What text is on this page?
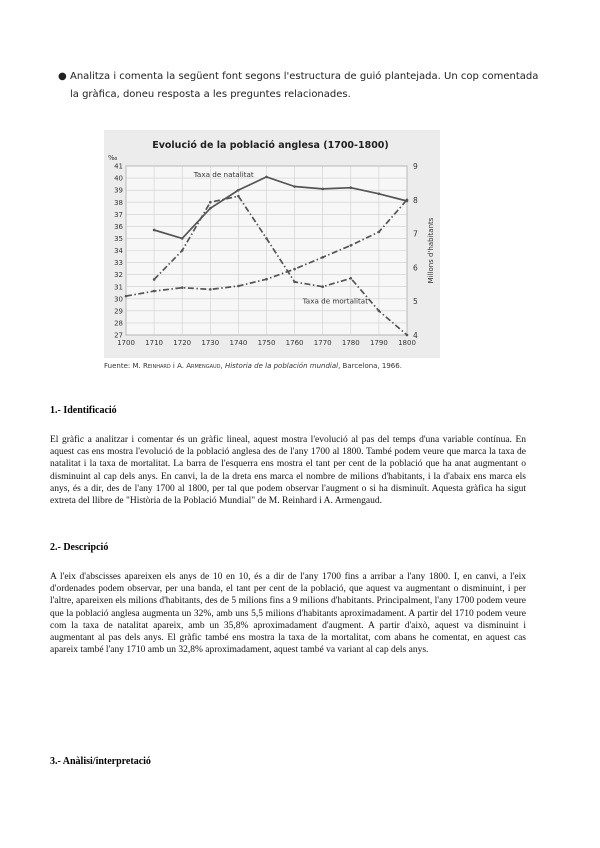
● Analitza i comenta la següent font segons l'estructura de guió plantejada. Un cop comentada la gràfica, doneu resposta a les preguntes relacionades.
Evolució de la població anglesa (1700-1800)
27
28
29
30
31
32
33
34
35
36
37
38
39
40
41
1700 1710 1720 1730 1740 1750 1760 1770 1780 1790 1800
4
5
6
7
8
9
‰
Millons d'habitants
Taxa de natalitat
Taxa de mortalitat
Fuente: M. Reinhard i A. Armengaud, Historia de la población mundial, Barcelona, 1966.
1.- Identificació
El gràfic a analitzar i comentar és un gràfic lineal, aquest mostra l'evolució al pas del temps d'una variable contínua. En aquest cas ens mostra l'evolució de la població anglesa des de l'any 1700 al 1800. També podem veure que marca la taxa de natalitat i la taxa de mortalitat. La barra de l'esquerra ens mostra el tant per cent de la població que ha anat augmentant o disminuint al cap dels anys. En canvi, la de la dreta ens marca el nombre de milions d'habitants, i la d'abaix ens marca els anys, és a dir, des de l'any 1700 al 1800, per tal que podem observar l'augment o si ha disminuït. Aquesta gràfica ha sigut extreta del llibre de "Història de la Població Mundial" de M. Reinhard i A. Armengaud.
2.- Descripció
A l'eix d'abscisses apareixen els anys de 10 en 10, és a dir de l'any 1700 fins a arribar a l'any 1800. I, en canvi, a l'eix d'ordenades podem observar, per una banda, el tant per cent de la població, que aquest va augmentant o disminuint, i per l'altre, apareixen els milions d'habitants, des de 5 milions fins a 9 milions d'habitants. Principalment, l'any 1700 podem veure que la població anglesa augmenta un 32%, amb uns 5,5 milions d'habitants aproximadament. A partir del 1710 podem veure com la taxa de natalitat apareix, amb un 35,8% aproximadament d'augment. A partir d'això, aquest va disminuint i augmentant al pas dels anys. El gràfic també ens mostra la taxa de la mortalitat, com abans he comentat, en aquest cas apareix també l'any 1710 amb un 32,8% aproximadament, aquest també va variant al cap dels anys.
3.- Anàlisi/interpretació
